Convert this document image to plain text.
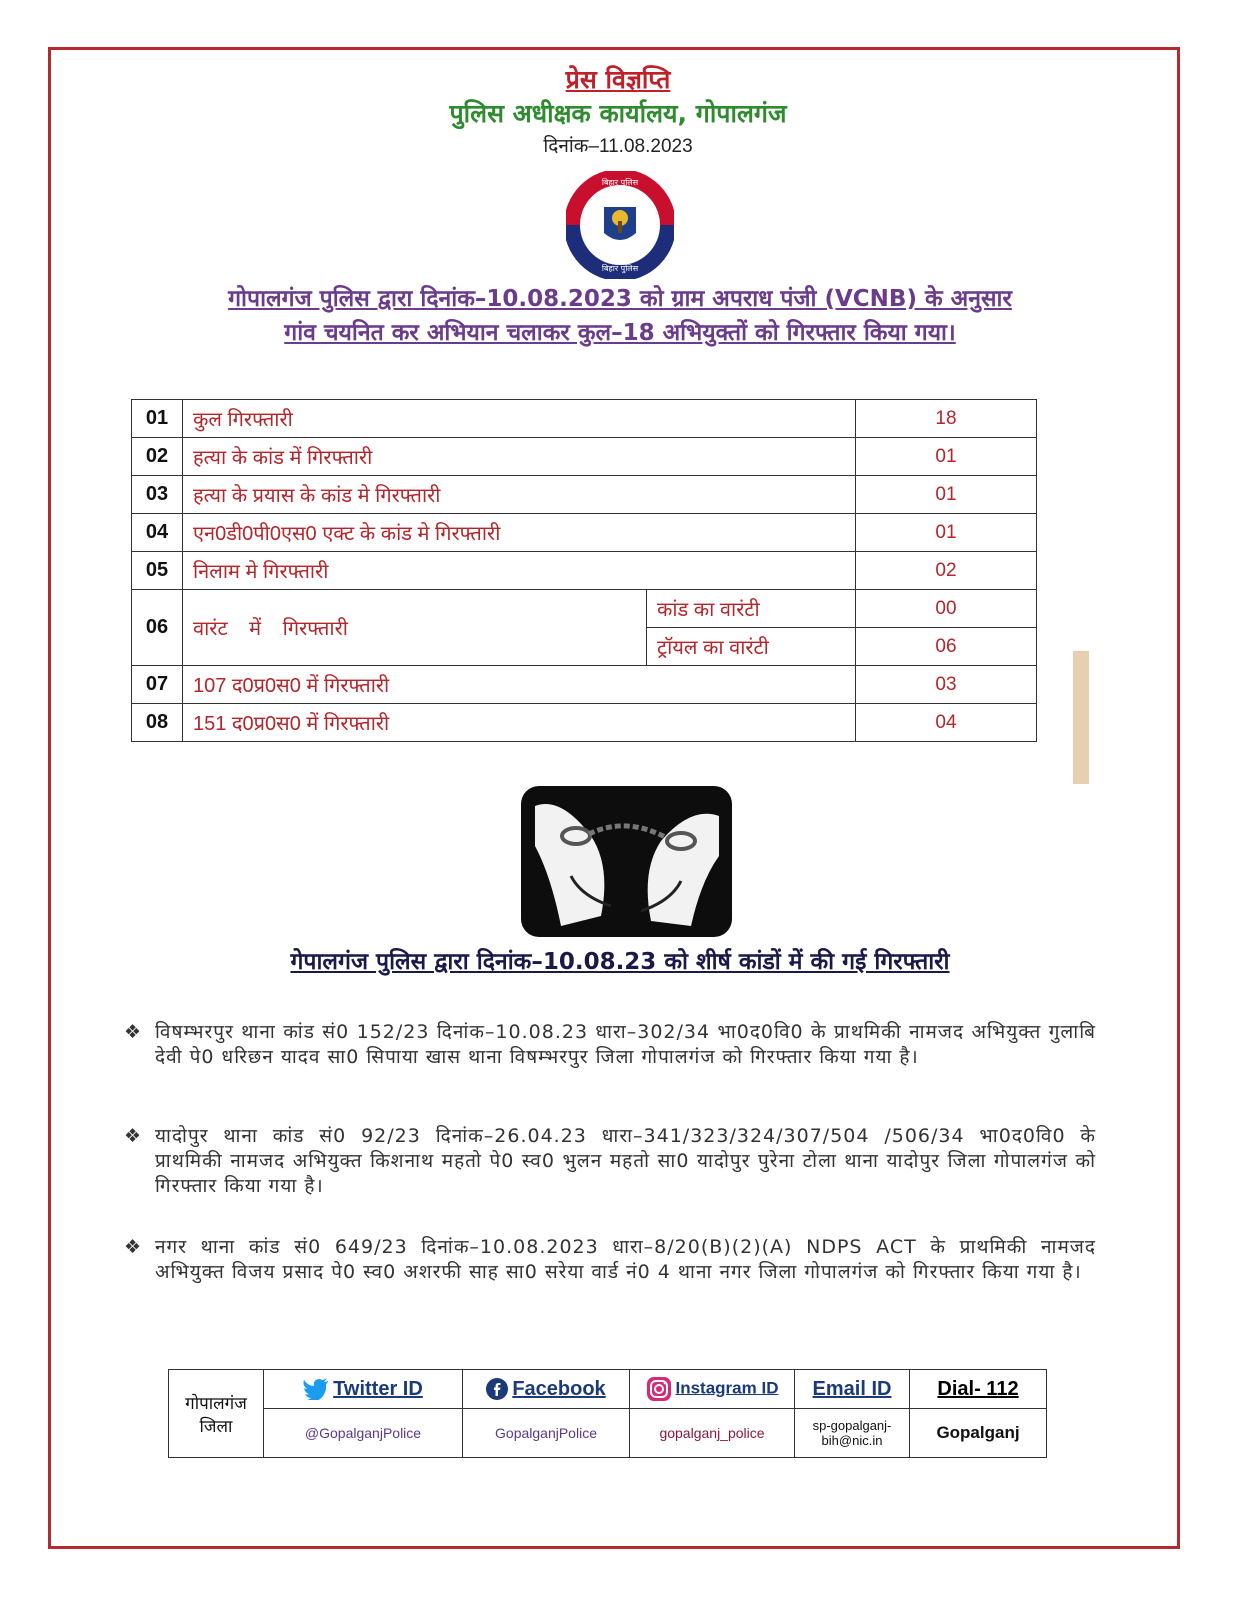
प्रेस विज्ञप्ति
पुलिस अधीक्षक कार्यालय, गोपालगंज
दिनांक–11.08.2023
बिहार पुलिस
बिहार पुलिस
गोपालगंज पुलिस द्वारा दिनांक–10.08.2023 को ग्राम अपराध पंजी (VCNB) के अनुसार
गांव चयनित कर अभियान चलाकर कुल–18 अभियुक्तों को गिरफ्तार किया गया।
01	कुल गिरफ्तारी		18
02	हत्या के कांड में गिरफ्तारी		01
03	हत्या के प्रयास के कांड मे गिरफ्तारी		01
04	एन0डी0पी0एस0 एक्ट के कांड मे गिरफ्तारी		01
05	निलाम मे गिरफ्तारी		02
06	वारंट में गिरफ्तारी	कांड का वारंटी	00
		ट्रॉयल का वारंटी	06
07	107 द0प्र0स0 में गिरफ्तारी		03
08	151 द0प्र0स0 में गिरफ्तारी		04
गेपालगंज पुलिस द्वारा दिनांक–10.08.23 को शीर्ष कांडों में की गई गिरफ्तारी
❖ विषम्भरपुर थाना कांड सं0 152/23 दिनांक–10.08.23 धारा–302/34 भा0द0वि0 के प्राथमिकी नामजद अभियुक्त गुलाबि देवी पे0 धरिछन यादव सा0 सिपाया खास थाना विषम्भरपुर जिला गोपालगंज को गिरफ्तार किया गया है।
❖ यादोपुर थाना कांड सं0 92/23 दिनांक–26.04.23 धारा–341/323/324/307/504 /506/34 भा0द0वि0 के प्राथमिकी नामजद अभियुक्त किशनाथ महतो पे0 स्व0 भुलन महतो सा0 यादोपुर पुरेना टोला थाना यादोपुर जिला गोपालगंज को गिरफ्तार किया गया है।
❖ नगर थाना कांड सं0 649/23 दिनांक–10.08.2023 धारा–8/20(B)(2)(A) NDPS ACT के प्राथमिकी नामजद अभियुक्त विजय प्रसाद पे0 स्व0 अशरफी साह सा0 सरेया वार्ड नं0 4 थाना नगर जिला गोपालगंज को गिरफ्तार किया गया है।
गोपालगंज
जिला	Twitter ID	Facebook	Instagram ID	Email ID	Dial- 112
	@GopalganjPolice	GopalganjPolice	gopalganj_police	sp-gopalganj-bih@nic.in	Gopalganj
